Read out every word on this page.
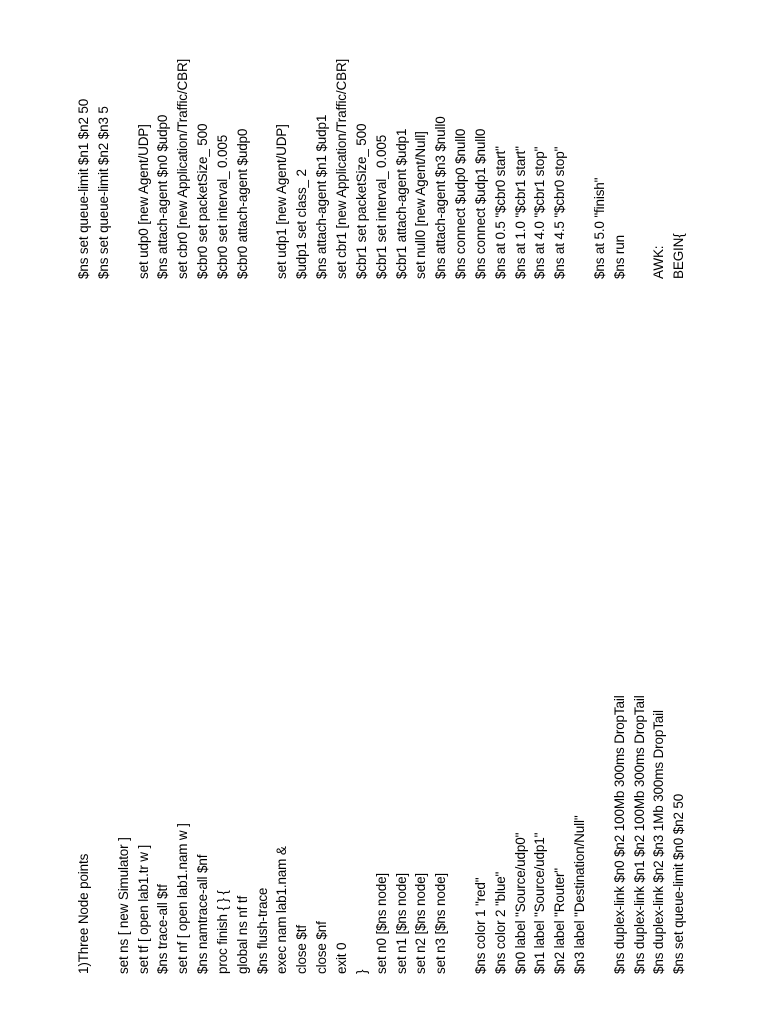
1)Three Node points set ns [ new Simulator ] set tf [ open lab1.tr w ] $ns trace-all $tf set nf [ open lab1.nam w ] $ns namtrace-all $nf proc finish { } { global ns nf tf $ns flush-trace exec nam lab1.nam & close $tf close $nf exit 0 } set n0 [$ns node] set n1 [$ns node] set n2 [$ns node] set n3 [$ns node] $ns color 1 "red" $ns color 2 "blue" $n0 label "Source/udp0" $n1 label "Source/udp1" $n2 label "Router" $n3 label "Destination/Null" $ns duplex-link $n0 $n2 100Mb 300ms DropTail $ns duplex-link $n1 $n2 100Mb 300ms DropTail $ns duplex-link $n2 $n3 1Mb 300ms DropTail $ns set queue-limit $n0 $n2 50
$ns set queue-limit $n1 $n2 50 $ns set queue-limit $n2 $n3 5 set udp0 [new Agent/UDP] $ns attach-agent $n0 $udp0 set cbr0 [new Application/Traffic/CBR] $cbr0 set packetSize_ 500 $cbr0 set interval_ 0.005 $cbr0 attach-agent $udp0 set udp1 [new Agent/UDP] $udp1 set class_ 2 $ns attach-agent $n1 $udp1 set cbr1 [new Application/Traffic/CBR] $cbr1 set packetSize_ 500 $cbr1 set interval_ 0.005 $cbr1 attach-agent $udp1 set null0 [new Agent/Null] $ns attach-agent $n3 $null0 $ns connect $udp0 $null0 $ns connect $udp1 $null0 $ns at 0.5 "$cbr0 start" $ns at 1.0 "$cbr1 start" $ns at 4.0 "$cbr1 stop" $ns at 4.5 "$cbr0 stop" $ns at 5.0 "finish" $ns run AWK: BEGIN{
